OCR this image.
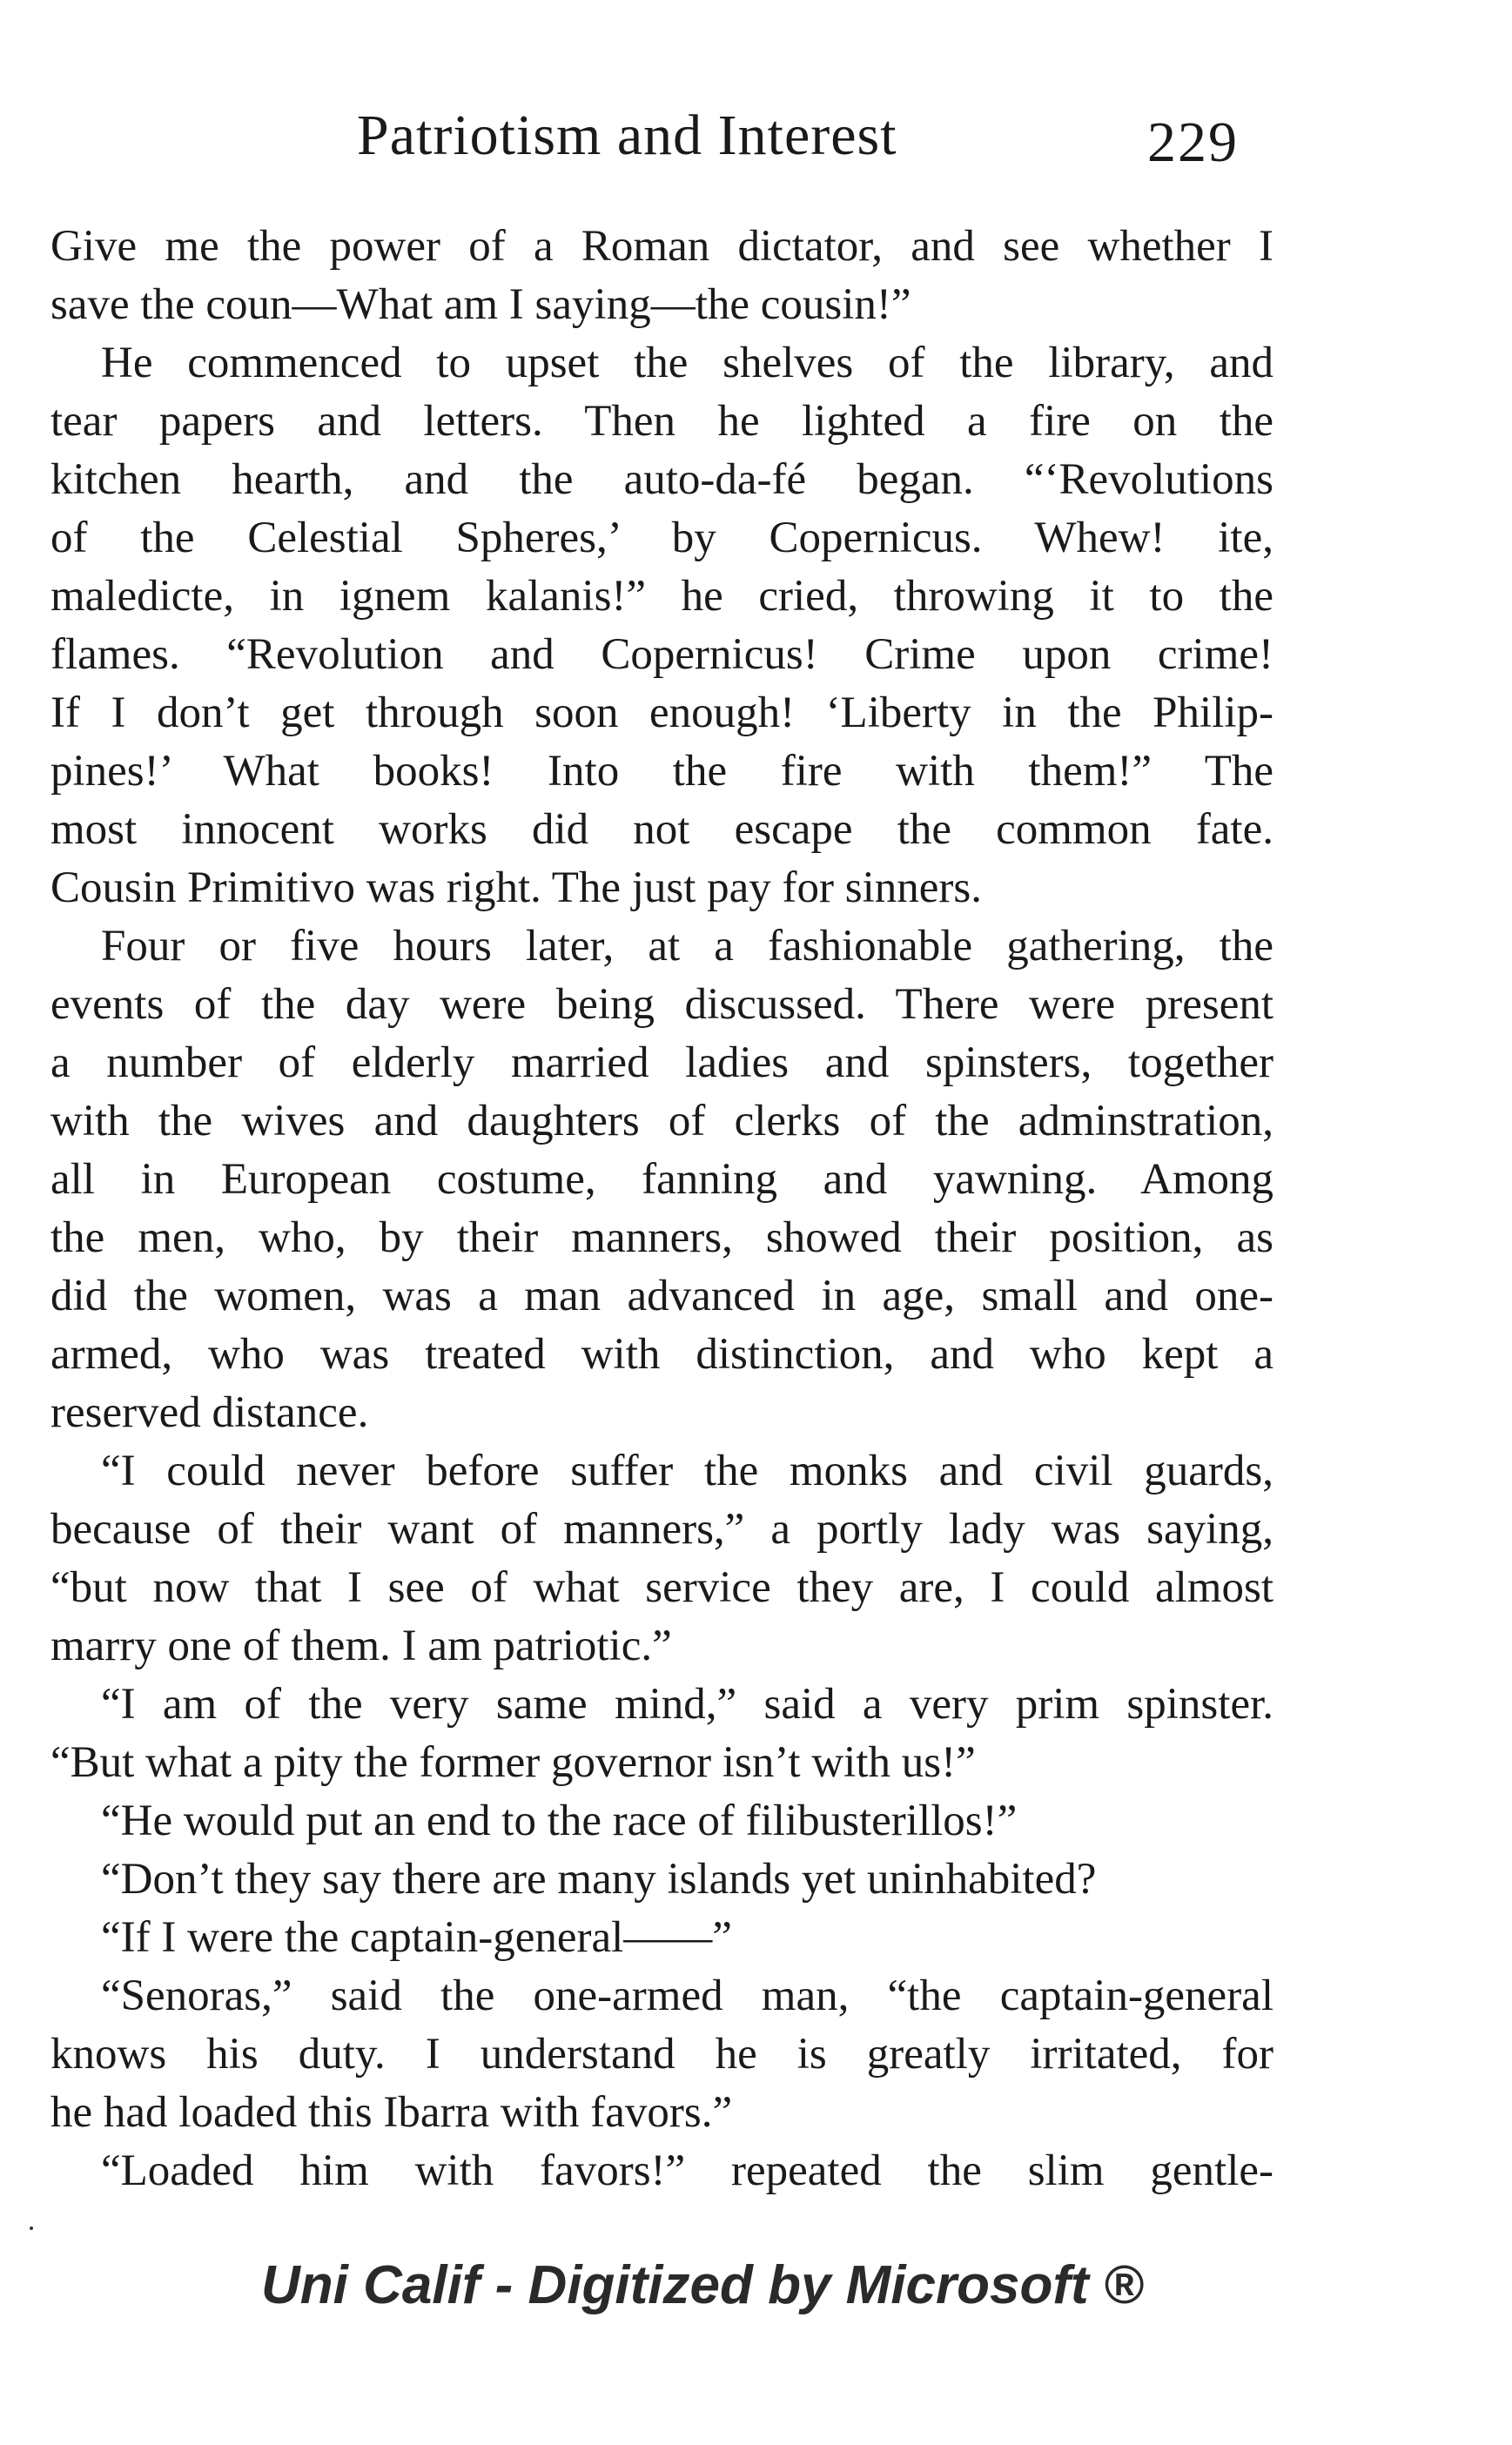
Patriotism and Interest	229
Give me the power of a Roman dictator, and see whether I
save the coun—What am I saying—the cousin!”
He commenced to upset the shelves of the library, and
tear papers and letters. Then he lighted a fire on the
kitchen hearth, and the auto-da-fé began. “‘Revolutions
of the Celestial Spheres,’ by Copernicus. Whew! ite,
maledicte, in ignem kalanis!” he cried, throwing it to the
flames. “Revolution and Copernicus! Crime upon crime!
If I don’t get through soon enough! ‘Liberty in the Philip-
pines!’ What books! Into the fire with them!” The
most innocent works did not escape the common fate.
Cousin Primitivo was right. The just pay for sinners.
Four or five hours later, at a fashionable gathering, the
events of the day were being discussed. There were present
a number of elderly married ladies and spinsters, together
with the wives and daughters of clerks of the adminstration,
all in European costume, fanning and yawning. Among
the men, who, by their manners, showed their position, as
did the women, was a man advanced in age, small and one-
armed, who was treated with distinction, and who kept a
reserved distance.
“I could never before suffer the monks and civil guards,
because of their want of manners,” a portly lady was saying,
“but now that I see of what service they are, I could almost
marry one of them. I am patriotic.”
“I am of the very same mind,” said a very prim spinster.
“But what a pity the former governor isn’t with us!”
“He would put an end to the race of filibusterillos!”
“Don’t they say there are many islands yet uninhabited?
“If I were the captain-general——”
“Senoras,” said the one-armed man, “the captain-general
knows his duty. I understand he is greatly irritated, for
he had loaded this Ibarra with favors.”
“Loaded him with favors!” repeated the slim gentle-
Uni Calif - Digitized by Microsoft ®
